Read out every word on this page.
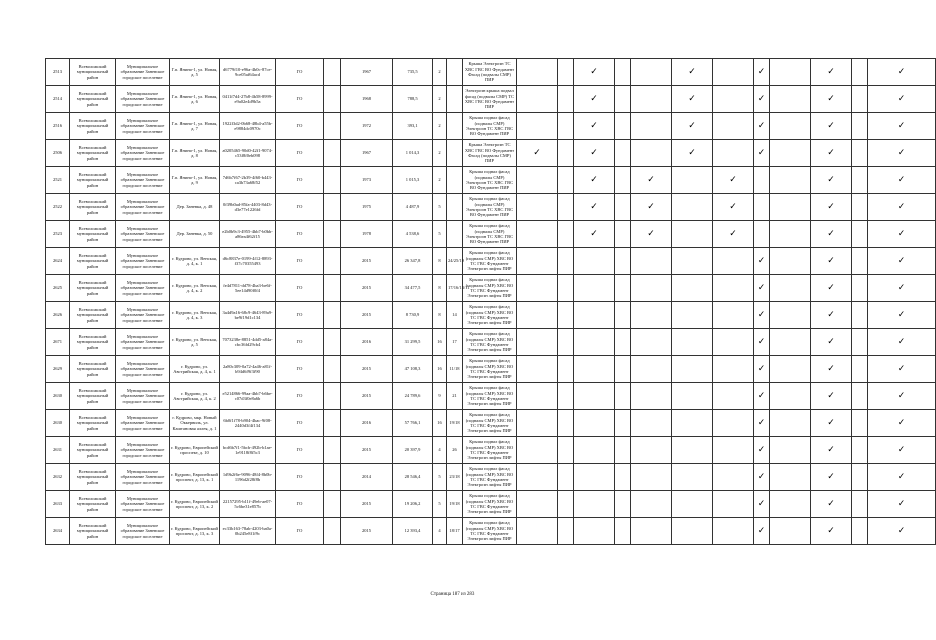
2513	Всеволожский муниципальный район	Муниципальное образование Заневское городское поселение	Г.п. Янино-1, ул. Новая, д. 5	d6779f10-e96a-4b0c-87ce-9ce05af64acd	ГО		1967	735,5	2		Крыша Электроэн ТС ХВС ГВС ВО Фундамент Фасад (подвалы СМР) ПИР			✓			✓		✓		✓		✓
2514	Всеволожский муниципальный район	Муниципальное образование Заневское городское поселение	Г.п. Янино-1, ул. Новая, д. 6	0411f7d4-27b8-4b58-8999-e9a02e4d9b5a	ГО		1968	788,5	2		Электроэн крыша подвал фасад (подвалы СМР) ТС ХВС ГВС ВО Фундамент ПИР			✓			✓		✓		✓		✓
2516	Всеволожский муниципальный район	Муниципальное образование Заневское городское поселение	Г.п. Янино-1, ул. Новая, д. 7	1922f3d2-0b68-48b4-a55b-e9884dc0970c	ГО		1972	393,1	2		Крыша подвал фасад (подвалы СМР) Электроэн ТС ХВС ГВС ВО Фундамент ПИР			✓			✓		✓		✓		✓
2506	Всеволожский муниципальный район	Муниципальное образование Заневское городское поселение	Г.п. Янино-1, ул. Новая, д. 8	a0205465-90d0-42f1-9074-c53f8f0eb098	ГО		1967	1 014,3	2		Крыша Электроэн ТС ХВС ГВС ВО Фундамент Фасад (подвалы СМР) ПИР	✓		✓			✓		✓		✓		✓
2521	Всеволожский муниципальный район	Муниципальное образование Заневское городское поселение	Г.п. Янино-1, ул. Новая, д. 9	7d6b7f67-2b39-4f60-b443-ca3b73a68f52	ГО		1973	1 015,3	2		Крыша подвал фасад (подвалы СМР) Электроэн ТС ХВС ГВС ВО Фундамент ПИР			✓		✓		✓			✓		✓
2522	Всеволожский муниципальный район	Муниципальное образование Заневское городское поселение	Дер. Заневка, д. 48	0f39b0ad-85fa-4403-8d43-d3e77e1226fd	ГО		1975	4 487,9	5		Крыша подвал фасад (подвалы СМР) Электроэн ТС ХВС ГВС ВО Фундамент ПИР			✓		✓		✓			✓		✓
2523	Всеволожский муниципальный район	Муниципальное образование Заневское городское поселение	Дер. Заневка, д. 50	e2b0b9c3-4955-4bb7-b0bb-a86ea4f62f15	ГО		1978	4 538,6	5		Крыша подвал фасад (подвалы СМР) Электроэн ТС ХВС ГВС ВО Фундамент ПИР			✓		✓		✓			✓		✓
2624	Всеволожский муниципальный район	Муниципальное образование Заневское городское поселение	г. Кудрово, ул. Венская, д. 4, к. 1	d6c8837e-0199-4f12-8893-f37c70355493	ГО		2015	26 347,8	8	24/25/19	Крыша подвал фасад (подвалы СМР) ХВС ВО ТС ГВС Фундамент Электроэн лифты ПИР								✓		✓		✓
2625	Всеволожский муниципальный район	Муниципальное образование Заневское городское поселение	г. Кудрово, ул. Венская, д. 4, к. 2	fe4d7811-dd78-4ba3-be6f-5ee14d90f0f4	ГО		2015	34 477,5	8	17/16/13/11	Крыша подвал фасад (подвалы СМР) ХВС ВО ТС ГВС Фундамент Электроэн лифты ПИР								✓		✓		✓
2626	Всеволожский муниципальный район	Муниципальное образование Заневское городское поселение	г. Кудрово, ул. Венская, д. 4, к. 3	3a4d9a16-68c9-4643-89a9-be9f19d1c134	ГО		2015	8 730,9	8	14	Крыша подвал фасад (подвалы СМР) ХВС ВО ТС ГВС Фундамент Электроэн лифты ПИР								✓		✓		✓
2671	Всеволожский муниципальный район	Муниципальное образование Заневское городское поселение	г. Кудрово, ул. Венская, д. 5	7073238e-8851-4dd5-a84a-cbc36fd29cb4	ГО		2016	31 299,5	16	17	Крыша подвал фасад (подвалы СМР) ХВС ВО ТС ГВС Фундамент Электроэн лифты ПИР								✓		✓		✓
2629	Всеволожский муниципальный район	Муниципальное образование Заневское городское поселение	г. Кудрово, ул. Австрийская, д. 4, к. 1	2a80c309-0a72-4a46-a81f-b94d6f9f3f90	ГО		2015	47 108,3	16	11/18	Крыша подвал фасад (подвалы СМР) ХВС ВО ТС ГВС Фундамент Электроэн лифты ПИР								✓		✓		✓
2630	Всеволожский муниципальный район	Муниципальное образование Заневское городское поселение	г. Кудрово, ул. Австрийская, д. 4, к. 2	e5214866-99aa-4bb7-b6be-c07d3f0e8a6b	ГО		2015	24 789,6	9	21	Крыша подвал фасад (подвалы СМР) ХВС ВО ТС ГВС Фундамент Электроэн лифты ПИР								✓		✓		✓
2630	Всеволожский муниципальный район	Муниципальное образование Заневское городское поселение	г. Кудрово, мкр. Новый Оккервиль, ул. Каштановая аллея, д. 1	6b0f1f78-b904-4bac-9f08-2440d3f4f134	ГО		2016	57 766,1	16	19/18	Крыша подвал фасад (подвалы СМР) ХВС ВО ТС ГВС Фундамент Электроэн лифты ПИР								✓		✓		✓
2631	Всеволожский муниципальный район	Муниципальное образование Заневское городское поселение	г. Кудрово, Европейский проспект, д. 10	bcd6b7f1-5bcb-492b-b1ae-1e9118f8f5c3	ГО		2015	20 397,9	4	26	Крыша подвал фасад (подвалы СМР) ХВС ВО ТС ГВС Фундамент Электроэн лифты ПИР								✓		✓		✓
2632	Всеволожский муниципальный район	Муниципальное образование Заневское городское поселение	г. Кудрово, Европейский проспект, д. 13, к. 1	1d9b2f6e-9096-48f4-8b0b-1196d2f28f8b	ГО		2014	28 546,4	5	23/18	Крыша подвал фасад (подвалы СМР) ХВС ВО ТС ГВС Фундамент Электроэн лифты ПИР								✓		✓		✓
2633	Всеволожский муниципальный район	Муниципальное образование Заневское городское поселение	г. Кудрово, Европейский проспект, д. 13, к. 2	22157295-b11f-49eb-ae07-5c6be31e857b	ГО		2015	19 206,2	5	19/18	Крыша подвал фасад (подвалы СМР) ХВС ВО ТС ГВС Фундамент Электроэн лифты ПИР								✓		✓		✓
2634	Всеволожский муниципальный район	Муниципальное образование Заневское городское поселение	г. Кудрово, Европейский проспект, д. 13, к. 3	ec33b163-78ab-4203-ba0a-0b245e8f1f9c	ГО		2015	12 393,4	4	18/17	Крыша подвал фасад (подвалы СМР) ХВС ВО ТС ГВС Фундамент Электроэн лифты ПИР								✓		✓		✓
Страница 187 из 283
